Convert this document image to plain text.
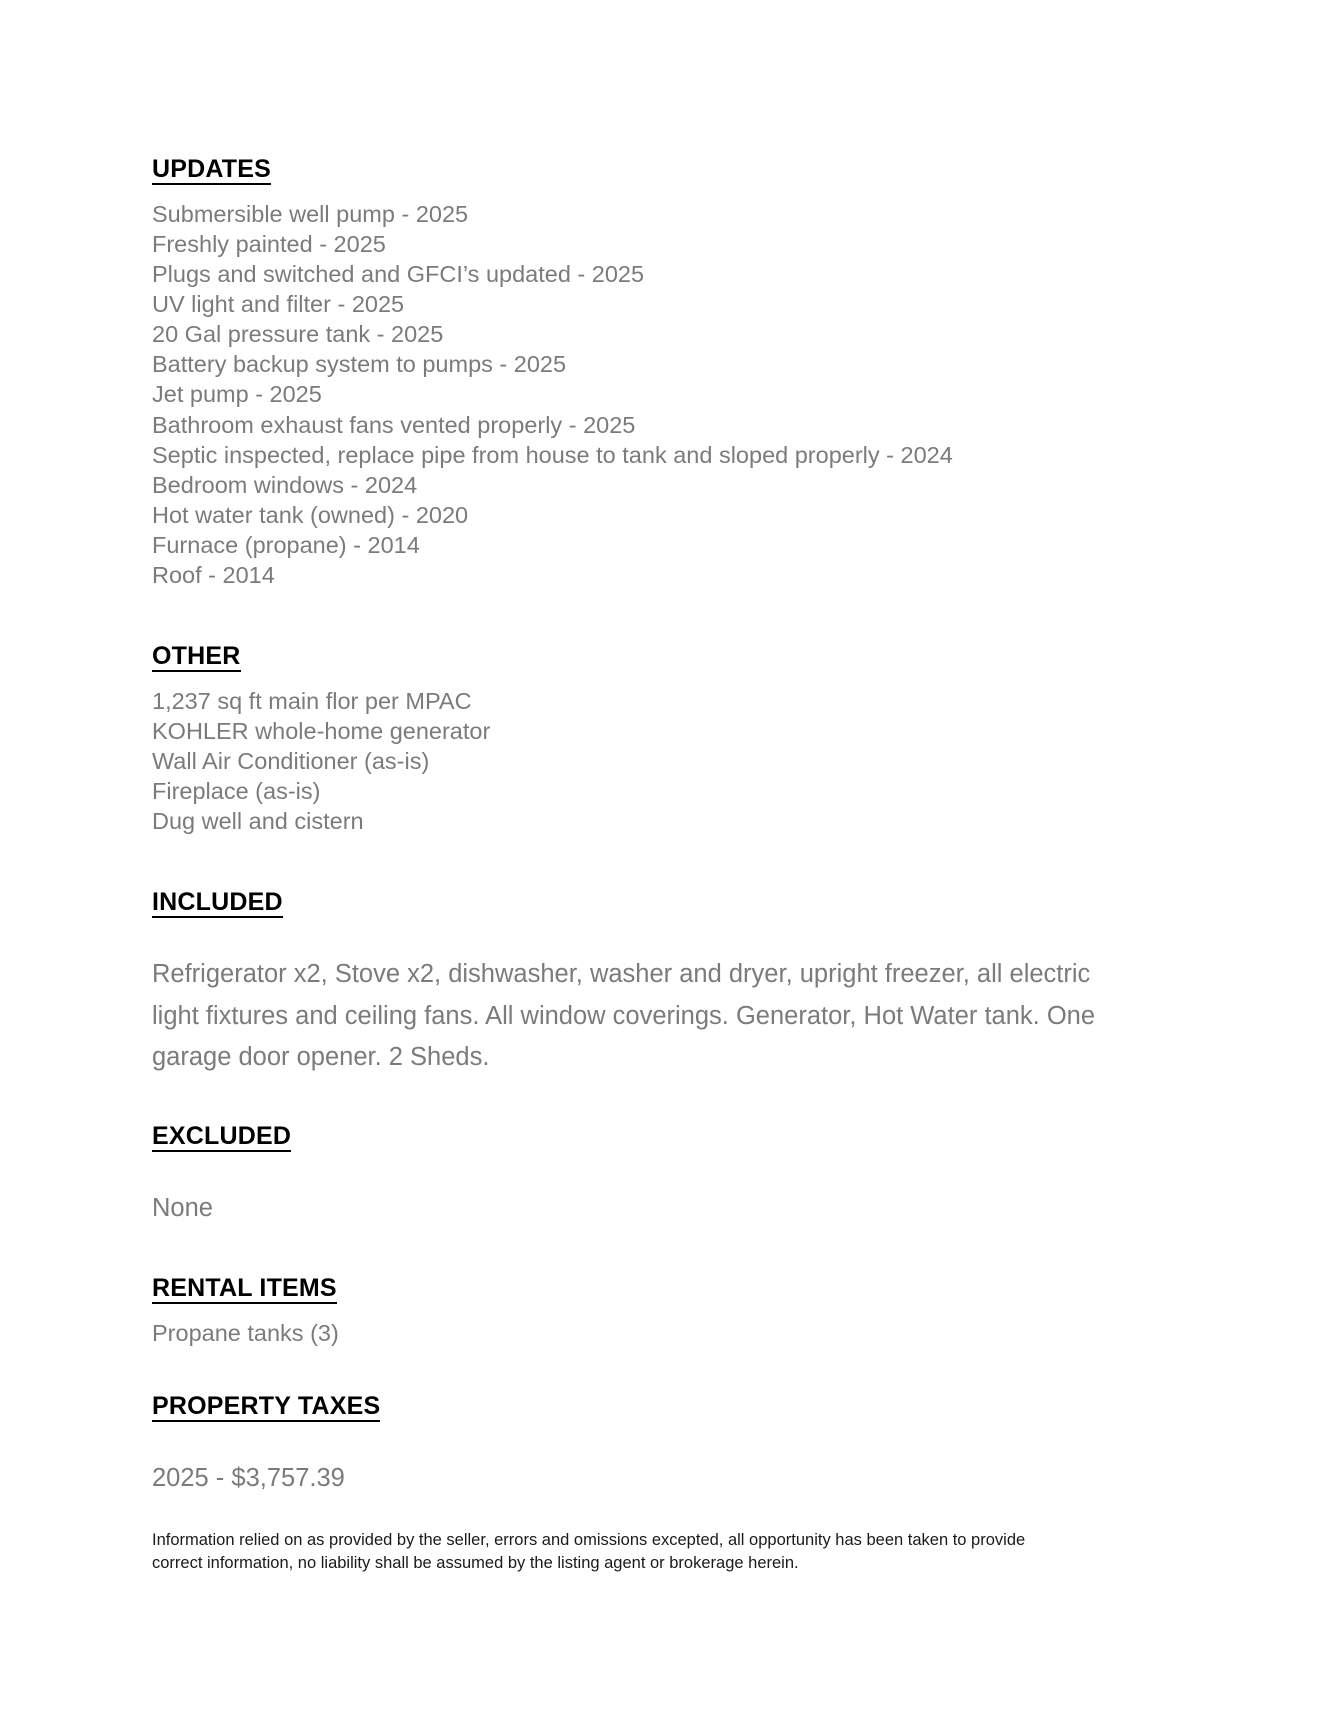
UPDATES
Submersible well pump - 2025
Freshly painted - 2025
Plugs and switched and GFCI’s updated - 2025
UV light and filter - 2025
20 Gal pressure tank - 2025
Battery backup system to pumps - 2025
Jet pump - 2025
Bathroom exhaust fans vented properly - 2025
Septic inspected, replace pipe from house to tank and sloped properly - 2024
Bedroom windows - 2024
Hot water tank (owned) - 2020
Furnace (propane) - 2014
Roof - 2014
OTHER
1,237 sq ft main flor per MPAC
KOHLER whole-home generator
Wall Air Conditioner (as-is)
Fireplace (as-is)
Dug well and cistern
INCLUDED

Refrigerator x2, Stove x2, dishwasher, washer and dryer, upright freezer, all electric light fixtures and ceiling fans. All window coverings. Generator, Hot Water tank. One garage door opener. 2 Sheds.

EXCLUDED

None

RENTAL ITEMS
Propane tanks (3)
PROPERTY TAXES

2025 - $3,757.39

Information relied on as provided by the seller, errors and omissions excepted, all opportunity has been taken to provide correct information, no liability shall be assumed by the listing agent or brokerage herein.
